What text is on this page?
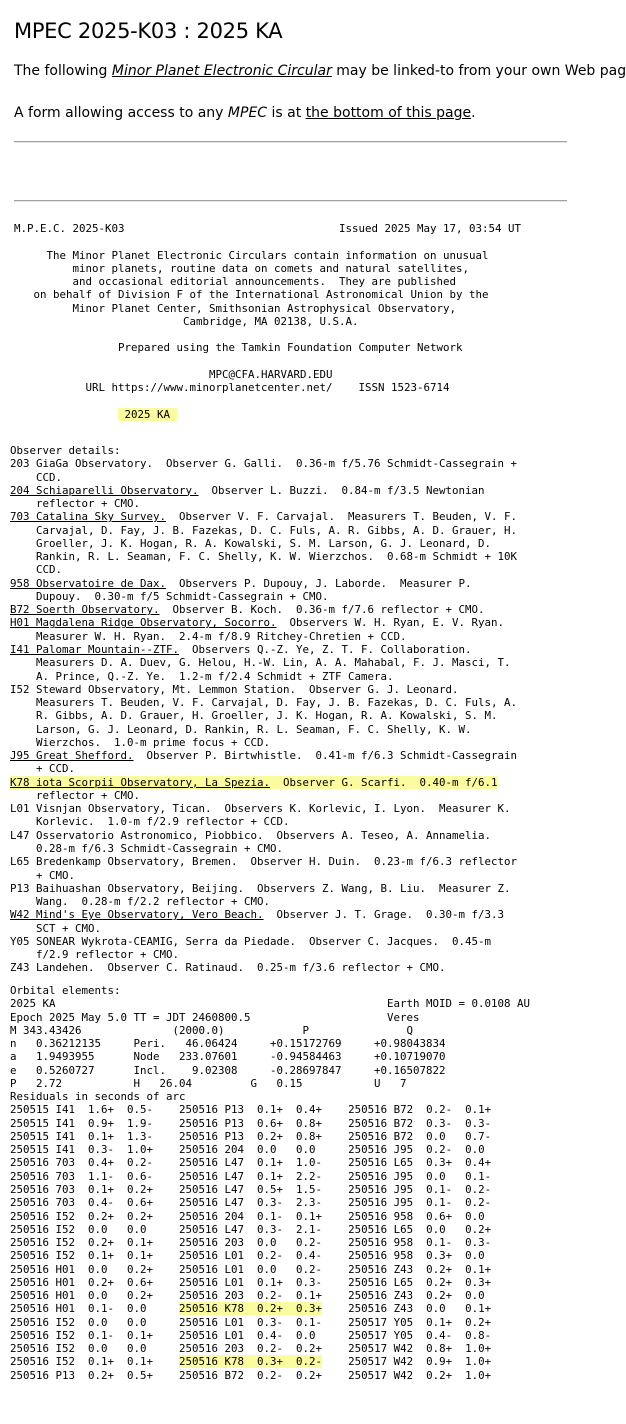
MPEC 2025-K03 : 2025 KA

The following Minor Planet Electronic Circular may be linked-to from your own Web pag

A form allowing access to any MPEC is at the bottom of this page.

M.P.E.C. 2025-K03                                 Issued 2025 May 17, 03:54 UT
The Minor Planet Electronic Circulars contain information on unusual
minor planets, routine data on comets and natural satellites,
and occasional editorial announcements.  They are published
on behalf of Division F of the International Astronomical Union by the
Minor Planet Center, Smithsonian Astrophysical Observatory,
Cambridge, MA 02138, U.S.A.
Prepared using the Tamkin Foundation Computer Network
MPC@CFA.HARVARD.EDU
URL https://www.minorplanetcenter.net/    ISSN 1523-6714
2025 KA
Observer details:
203 GiaGa Observatory.  Observer G. Galli.  0.36-m f/5.76 Schmidt-Cassegrain +
CCD.
204 Schiaparelli Observatory.  Observer L. Buzzi.  0.84-m f/3.5 Newtonian
reflector + CMO.
703 Catalina Sky Survey.  Observer V. F. Carvajal.  Measurers T. Beuden, V. F.
Carvajal, D. Fay, J. B. Fazekas, D. C. Fuls, A. R. Gibbs, A. D. Grauer, H.
Groeller, J. K. Hogan, R. A. Kowalski, S. M. Larson, G. J. Leonard, D.
Rankin, R. L. Seaman, F. C. Shelly, K. W. Wierzchos.  0.68-m Schmidt + 10K
CCD.
958 Observatoire de Dax.  Observers P. Dupouy, J. Laborde.  Measurer P.
Dupouy.  0.30-m f/5 Schmidt-Cassegrain + CMO.
B72 Soerth Observatory.  Observer B. Koch.  0.36-m f/7.6 reflector + CMO.
H01 Magdalena Ridge Observatory, Socorro.  Observers W. H. Ryan, E. V. Ryan.
Measurer W. H. Ryan.  2.4-m f/8.9 Ritchey-Chretien + CCD.
I41 Palomar Mountain--ZTF.  Observers Q.-Z. Ye, Z. T. F. Collaboration.
Measurers D. A. Duev, G. Helou, H.-W. Lin, A. A. Mahabal, F. J. Masci, T.
A. Prince, Q.-Z. Ye.  1.2-m f/2.4 Schmidt + ZTF Camera.
I52 Steward Observatory, Mt. Lemmon Station.  Observer G. J. Leonard.
Measurers T. Beuden, V. F. Carvajal, D. Fay, J. B. Fazekas, D. C. Fuls, A.
R. Gibbs, A. D. Grauer, H. Groeller, J. K. Hogan, R. A. Kowalski, S. M.
Larson, G. J. Leonard, D. Rankin, R. L. Seaman, F. C. Shelly, K. W.
Wierzchos.  1.0-m prime focus + CCD.
J95 Great Shefford.  Observer P. Birtwhistle.  0.41-m f/6.3 Schmidt-Cassegrain
+ CCD.
K78 iota Scorpii Observatory, La Spezia.  Observer G. Scarfi.  0.40-m f/6.1
reflector + CMO.
L01 Visnjan Observatory, Tican.  Observers K. Korlevic, I. Lyon.  Measurer K.
Korlevic.  1.0-m f/2.9 reflector + CCD.
L47 Osservatorio Astronomico, Piobbico.  Observers A. Teseo, A. Annamelia.
0.28-m f/6.3 Schmidt-Cassegrain + CMO.
L65 Bredenkamp Observatory, Bremen.  Observer H. Duin.  0.23-m f/6.3 reflector
+ CMO.
P13 Baihuashan Observatory, Beijing.  Observers Z. Wang, B. Liu.  Measurer Z.
Wang.  0.28-m f/2.2 reflector + CMO.
W42 Mind's Eye Observatory, Vero Beach.  Observer J. T. Grage.  0.30-m f/3.3
SCT + CMO.
Y05 SONEAR Wykrota-CEAMIG, Serra da Piedade.  Observer C. Jacques.  0.45-m
f/2.9 reflector + CMO.
Z43 Landehen.  Observer C. Ratinaud.  0.25-m f/3.6 reflector + CMO.
Orbital elements:
2025 KA                                                   Earth MOID = 0.0108 AU
Epoch 2025 May 5.0 TT = JDT 2460800.5                     Veres
M 343.43426              (2000.0)            P               Q
n   0.36212135     Peri.   46.06424     +0.15172769     +0.98043834
a   1.9493955      Node   233.07601     -0.94584463     +0.10719070
e   0.5260727      Incl.    9.02308     -0.28697847     +0.16507822
P   2.72           H   26.04         G   0.15           U   7
Residuals in seconds of arc
250515 I41  1.6+  0.5- 250516 P13  0.1+  0.4+ 250516 B72  0.2-  0.1+
250515 I41  0.9+  1.9- 250516 P13  0.6+  0.8+ 250516 B72  0.3-  0.3-
250515 I41  0.1+  1.3- 250516 P13  0.2+  0.8+ 250516 B72  0.0   0.7-
250515 I41  0.3-  1.0+ 250516 204  0.0   0.0     250516 J95  0.2-  0.0
250516 703  0.4+  0.2- 250516 L47  0.1+  1.0- 250516 L65  0.3+  0.4+
250516 703  1.1-  0.6- 250516 L47  0.1+  2.2- 250516 J95  0.0   0.1-
250516 703  0.1+  0.2+ 250516 L47  0.5+  1.5- 250516 J95  0.1-  0.2-
250516 703  0.4-  0.6+ 250516 L47  0.3-  2.3- 250516 J95  0.1-  0.2-
250516 I52  0.2+  0.2+ 250516 204  0.1-  0.1+ 250516 958  0.6+  0.0
250516 I52  0.0   0.0     250516 L47  0.3-  2.1- 250516 L65  0.0   0.2+
250516 I52  0.2+  0.1+ 250516 203  0.0   0.2- 250516 958  0.1-  0.3-
250516 I52  0.1+  0.1+ 250516 L01  0.2-  0.4- 250516 958  0.3+  0.0
250516 H01  0.0   0.2+ 250516 L01  0.0   0.2- 250516 Z43  0.2+  0.1+
250516 H01  0.2+  0.6+ 250516 L01  0.1+  0.3- 250516 L65  0.2+  0.3+
250516 H01  0.0   0.2+ 250516 203  0.2-  0.1+ 250516 Z43  0.2+  0.0
250516 H01  0.1-  0.0     250516 K78  0.2+  0.3+ 250516 Z43  0.0   0.1+
250516 I52  0.0   0.0     250516 L01  0.3-  0.1- 250517 Y05  0.1+  0.2+
250516 I52  0.1-  0.1+ 250516 L01  0.4-  0.0     250517 Y05  0.4-  0.8-
250516 I52  0.0   0.0     250516 203  0.2-  0.2+ 250517 W42  0.8+  1.0+
250516 I52  0.1+  0.1+ 250516 K78  0.3+  0.2- 250517 W42  0.9+  1.0+
250516 P13  0.2+  0.5+ 250516 B72  0.2-  0.2+ 250517 W42  0.2+  1.0+
